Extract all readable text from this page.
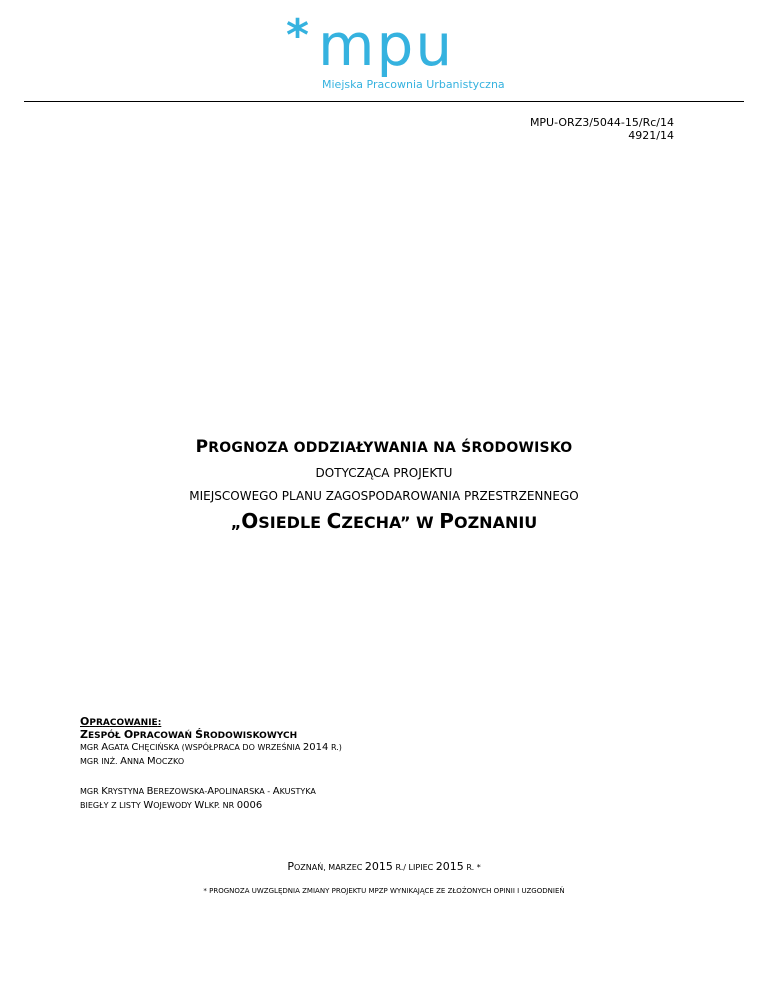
* mpu
Miejska Pracownia Urbanistyczna
MPU-ORZ3/5044-15/Rc/14
4921/14
PROGNOZA ODDZIAŁYWANIA NA ŚRODOWISKO
DOTYCZĄCA PROJEKTU
MIEJSCOWEGO PLANU ZAGOSPODAROWANIA PRZESTRZENNEGO
„OSIEDLE CZECHA” W POZNANIU
OPRACOWANIE:
ZESPÓŁ OPRACOWAŃ ŚRODOWISKOWYCH
MGR AGATA CHĘCIŃSKA (WSPÓŁPRACA DO WRZEŚNIA 2014 R.)
MGR INŻ. ANNA MOCZKO
MGR KRYSTYNA BEREZOWSKA-APOLINARSKA - AKUSTYKA
BIEGŁY Z LISTY WOJEWODY WLKP. NR 0006
POZNAŃ, MARZEC 2015 R./ LIPIEC 2015 R. *
* PROGNOZA UWZGLĘDNIA ZMIANY PROJEKTU MPZP WYNIKAJĄCE ZE ZŁOŻONYCH OPINII I UZGODNIEŃ
